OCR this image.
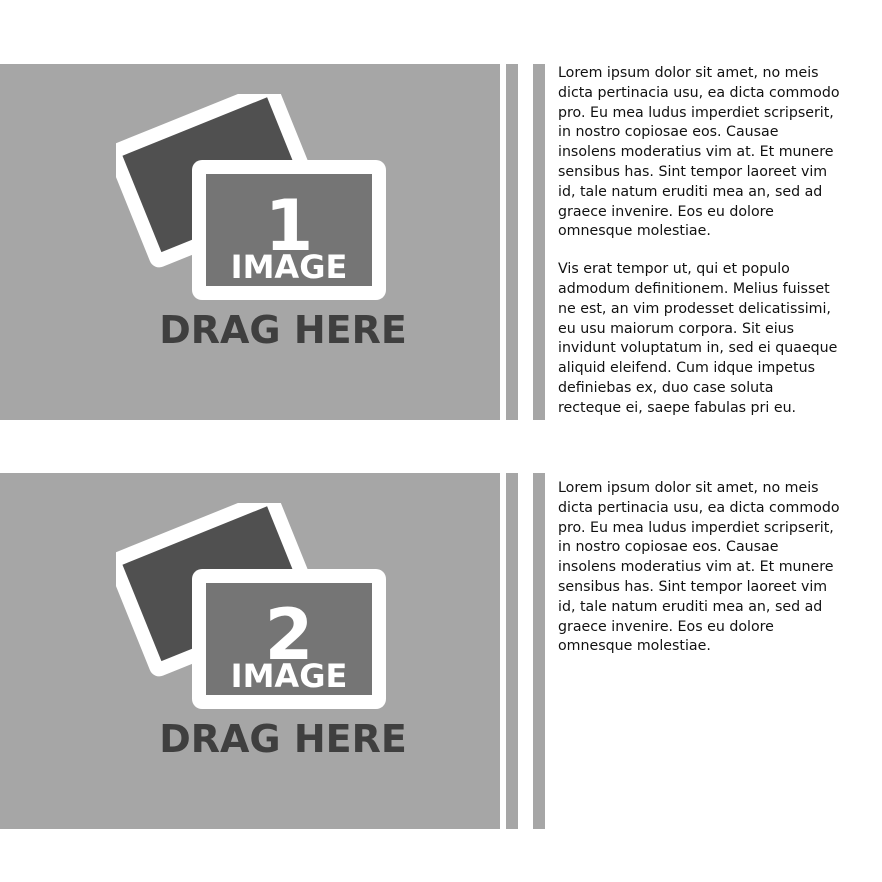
1
IMAGE
DRAG HERE

Lorem ipsum dolor sit amet, no meis dicta pertinacia usu, ea dicta commodo pro. Eu mea ludus imperdiet scripserit, in nostro copiosae eos. Causae insolens moderatius vim at. Et munere sensibus has. Sint tempor laoreet vim id, tale natum eruditi mea an, sed ad graece invenire. Eos eu dolore omnesque molestiae.

Vis erat tempor ut, qui et populo admodum definitionem. Melius fuisset ne est, an vim prodesset delicatissimi, eu usu maiorum corpora. Sit eius invidunt voluptatum in, sed ei quaeque aliquid eleifend. Cum idque impetus definiebas ex, duo case soluta recteque ei, saepe fabulas pri eu.

2
IMAGE
DRAG HERE

Lorem ipsum dolor sit amet, no meis dicta pertinacia usu, ea dicta commodo pro. Eu mea ludus imperdiet scripserit, in nostro copiosae eos. Causae insolens moderatius vim at. Et munere sensibus has. Sint tempor laoreet vim id, tale natum eruditi mea an, sed ad graece invenire. Eos eu dolore omnesque molestiae.
